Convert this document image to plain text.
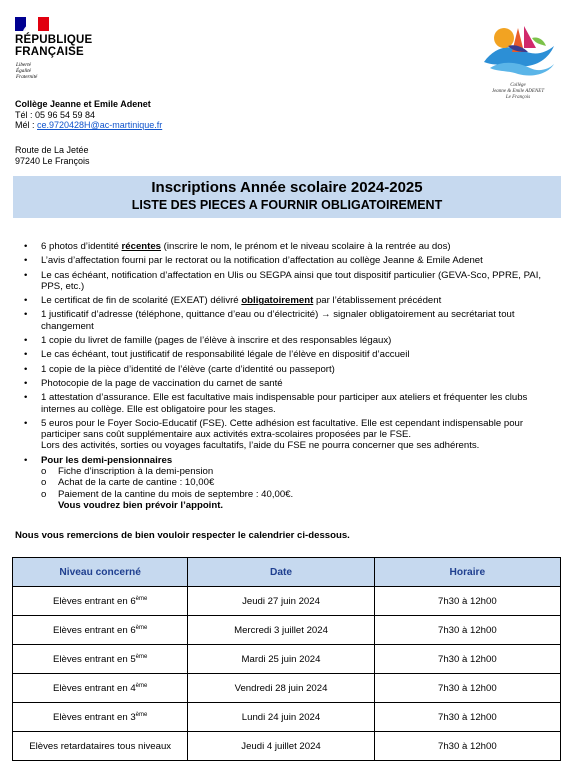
RÉPUBLIQUE
FRANÇAISE
Liberté
Égalité
Fraternité
Collège
Jeanne & Emile ADENET
Le François
Collège Jeanne et Emile Adenet
Tél : 05 96 54 59 84
Mél : ce.9720428H@ac-martinique.fr
Route de La Jetée
97240 Le François
Inscriptions Année scolaire 2024-2025
LISTE DES PIECES A FOURNIR OBLIGATOIREMENT
•	6 photos d’identité récentes (inscrire le nom, le prénom et le niveau scolaire à la rentrée au dos)
•	L’avis d’affectation fourni par le rectorat ou la notification d’affectation au collège Jeanne & Emile Adenet
•	Le cas échéant, notification d’affectation en Ulis ou SEGPA ainsi que tout dispositif particulier (GEVA-Sco, PPRE, PAI, PPS, etc.)
•	Le certificat de fin de scolarité (EXEAT) délivré obligatoirement par l’établissement précédent
•	1 justificatif d’adresse (téléphone, quittance d’eau ou d’électricité) → signaler obligatoirement au secrétariat tout changement
•	1 copie du livret de famille (pages de l’élève à inscrire et des responsables légaux)
•	Le cas échéant, tout justificatif de responsabilité légale de l’élève en dispositif d’accueil
•	1 copie de la pièce d’identité de l’élève (carte d’identité ou passeport)
•	Photocopie de la page de vaccination du carnet de santé
•	1 attestation d’assurance. Elle est facultative mais indispensable pour participer aux ateliers et fréquenter les clubs internes au collège. Elle est obligatoire pour les stages.
•	5 euros pour le Foyer Socio-Educatif (FSE). Cette adhésion est facultative. Elle est cependant indispensable pour participer sans coût supplémentaire aux activités extra-scolaires proposées par le FSE.
Lors des activités, sorties ou voyages facultatifs, l’aide du FSE ne pourra concerner que ses adhérents.
•	Pour les demi-pensionnaires
o	Fiche d’inscription à la demi-pension
o	Achat de la carte de cantine : 10,00€
o	Paiement de la cantine du mois de septembre : 40,00€.
Vous voudrez bien prévoir l’appoint.
Nous vous remercions de bien vouloir respecter le calendrier ci-dessous.
Niveau concerné	Date	Horaire
Elèves entrant en 6ème	Jeudi 27 juin 2024	7h30 à 12h00
Elèves entrant en 6ème	Mercredi 3 juillet 2024	7h30 à 12h00
Elèves entrant en 5ème	Mardi 25 juin 2024	7h30 à 12h00
Elèves entrant en 4ème	Vendredi 28 juin 2024	7h30 à 12h00
Elèves entrant en 3ème	Lundi 24 juin 2024	7h30 à 12h00
Elèves retardataires tous niveaux	Jeudi 4 juillet 2024	7h30 à 12h00
